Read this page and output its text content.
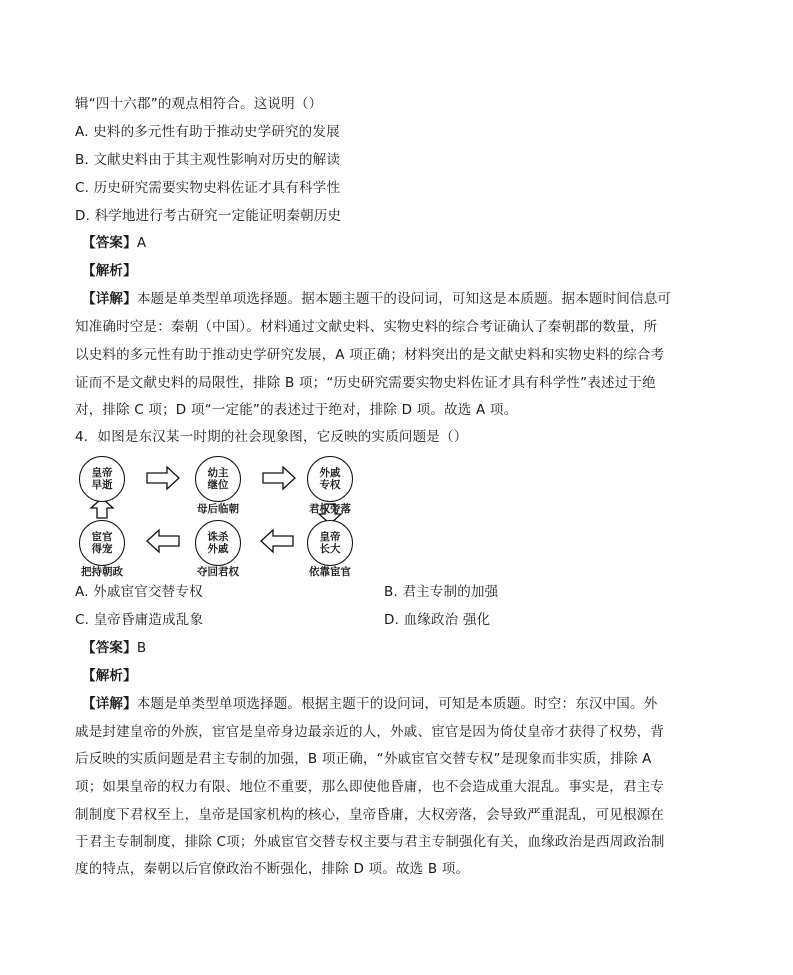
辑“四十六郡”的观点相符合。这说明（）
A. 史料的多元性有助于推动史学研究的发展
B. 文献史料由于其主观性影响对历史的解读
C. 历史研究需要实物史料佐证才具有科学性
D. 科学地进行考古研究一定能证明秦朝历史
【答案】A
【解析】
【详解】本题是单类型单项选择题。据本题主题干的设问词，可知这是本质题。据本题时间信息可
知准确时空是：秦朝（中国）。材料通过文献史料、实物史料的综合考证确认了秦朝郡的数量，所
以史料的多元性有助于推动史学研究发展，A 项正确；材料突出的是文献史料和实物史料的综合考
证而不是文献史料的局限性，排除 B 项；“历史研究需要实物史料佐证才具有科学性”表述过于绝
对，排除 C 项；D 项“一定能”的表述过于绝对，排除 D 项。故选 A 项。
4．如图是东汉某一时期的社会现象图，它反映的实质问题是（）
皇帝
早逝
幼主
继位
母后临朝
外戚
专权
君权旁落
皇帝
长大
依靠宦官
诛杀
外戚
夺回君权
宦官
得宠
把持朝政
A. 外戚宦官交替专权	B. 君主专制的加强
C. 皇帝昏庸造成乱象	D. 血缘政治 强化
【答案】B
【解析】
【详解】本题是单类型单项选择题。根据主题干的设问词，可知是本质题。时空：东汉中国。外
戚是封建皇帝的外族，宦官是皇帝身边最亲近的人，外戚、宦官是因为倚仗皇帝才获得了权势，背
后反映的实质问题是君主专制的加强，B 项正确，“外戚宦官交替专权”是现象而非实质，排除 A
项；如果皇帝的权力有限、地位不重要，那么即使他昏庸，也不会造成重大混乱。事实是，君主专
制制度下君权至上，皇帝是国家机构的核心，皇帝昏庸，大权旁落，会导致严重混乱，可见根源在
于君主专制制度，排除 C项；外戚宦官交替专权主要与君主专制强化有关，血缘政治是西周政治制
度的特点，秦朝以后官僚政治不断强化，排除 D 项。故选 B 项。
